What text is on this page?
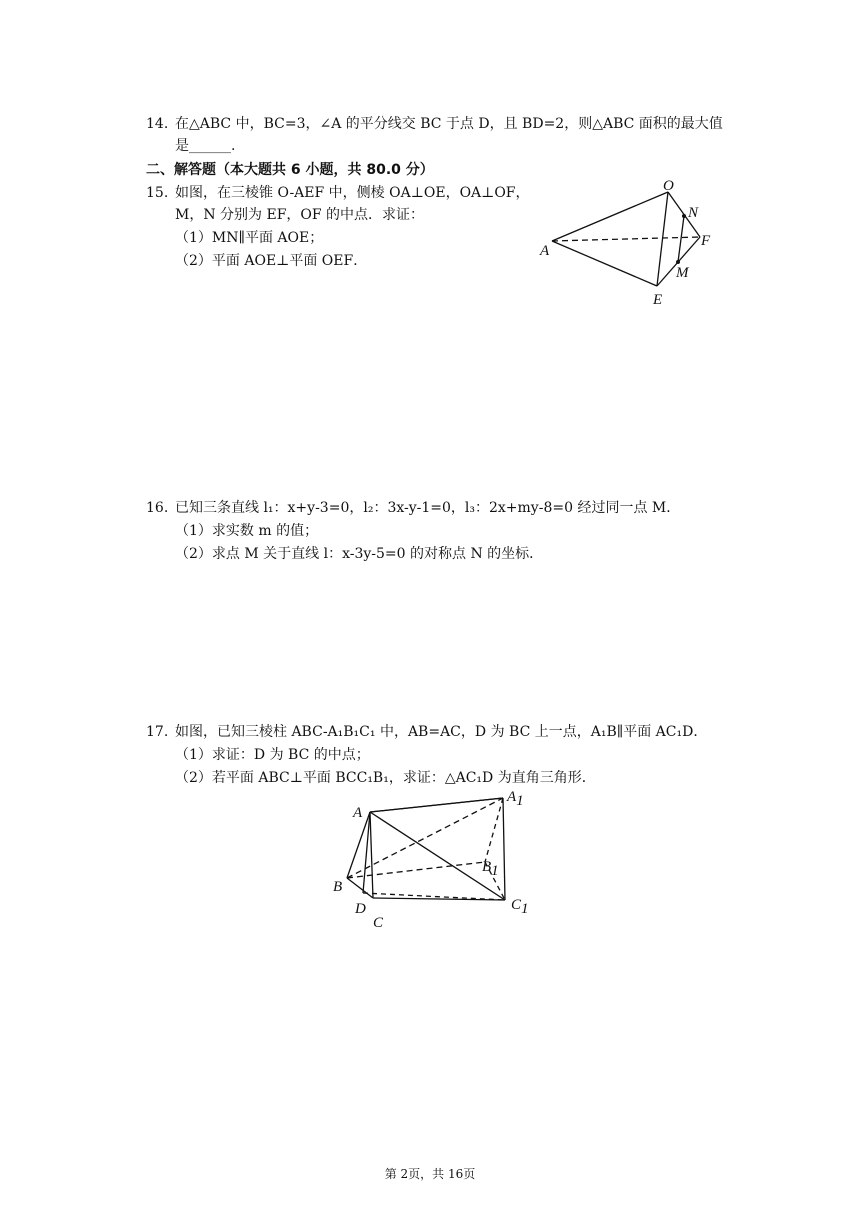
14. 在△ABC 中，BC=3，∠A 的平分线交 BC 于点 D，且 BD=2，则△ABC 面积的最大值
是______.
二、解答题（本大题共 6 小题，共 80.0 分）
15. 如图，在三棱锥 O-AEF 中，侧棱 OA⊥OE，OA⊥OF，
M，N 分别为 EF，OF 的中点．求证：
（1）MN∥平面 AOE；
（2）平面 AOE⊥平面 OEF．
O
N
F
A
M
E
16. 已知三条直线 l₁：x+y-3=0，l₂：3x-y-1=0，l₃：2x+my-8=0 经过同一点 M．
（1）求实数 m 的值；
（2）求点 M 关于直线 l：x-3y-5=0 的对称点 N 的坐标．
17. 如图，已知三棱柱 ABC-A₁B₁C₁ 中，AB=AC，D 为 BC 上一点，A₁B∥平面 AC₁D．
（1）求证：D 为 BC 的中点；
（2）若平面 ABC⊥平面 BCC₁B₁，求证：△AC₁D 为直角三角形．
A
A1
B1
B
D
C
C1
第 2页，共 16页
